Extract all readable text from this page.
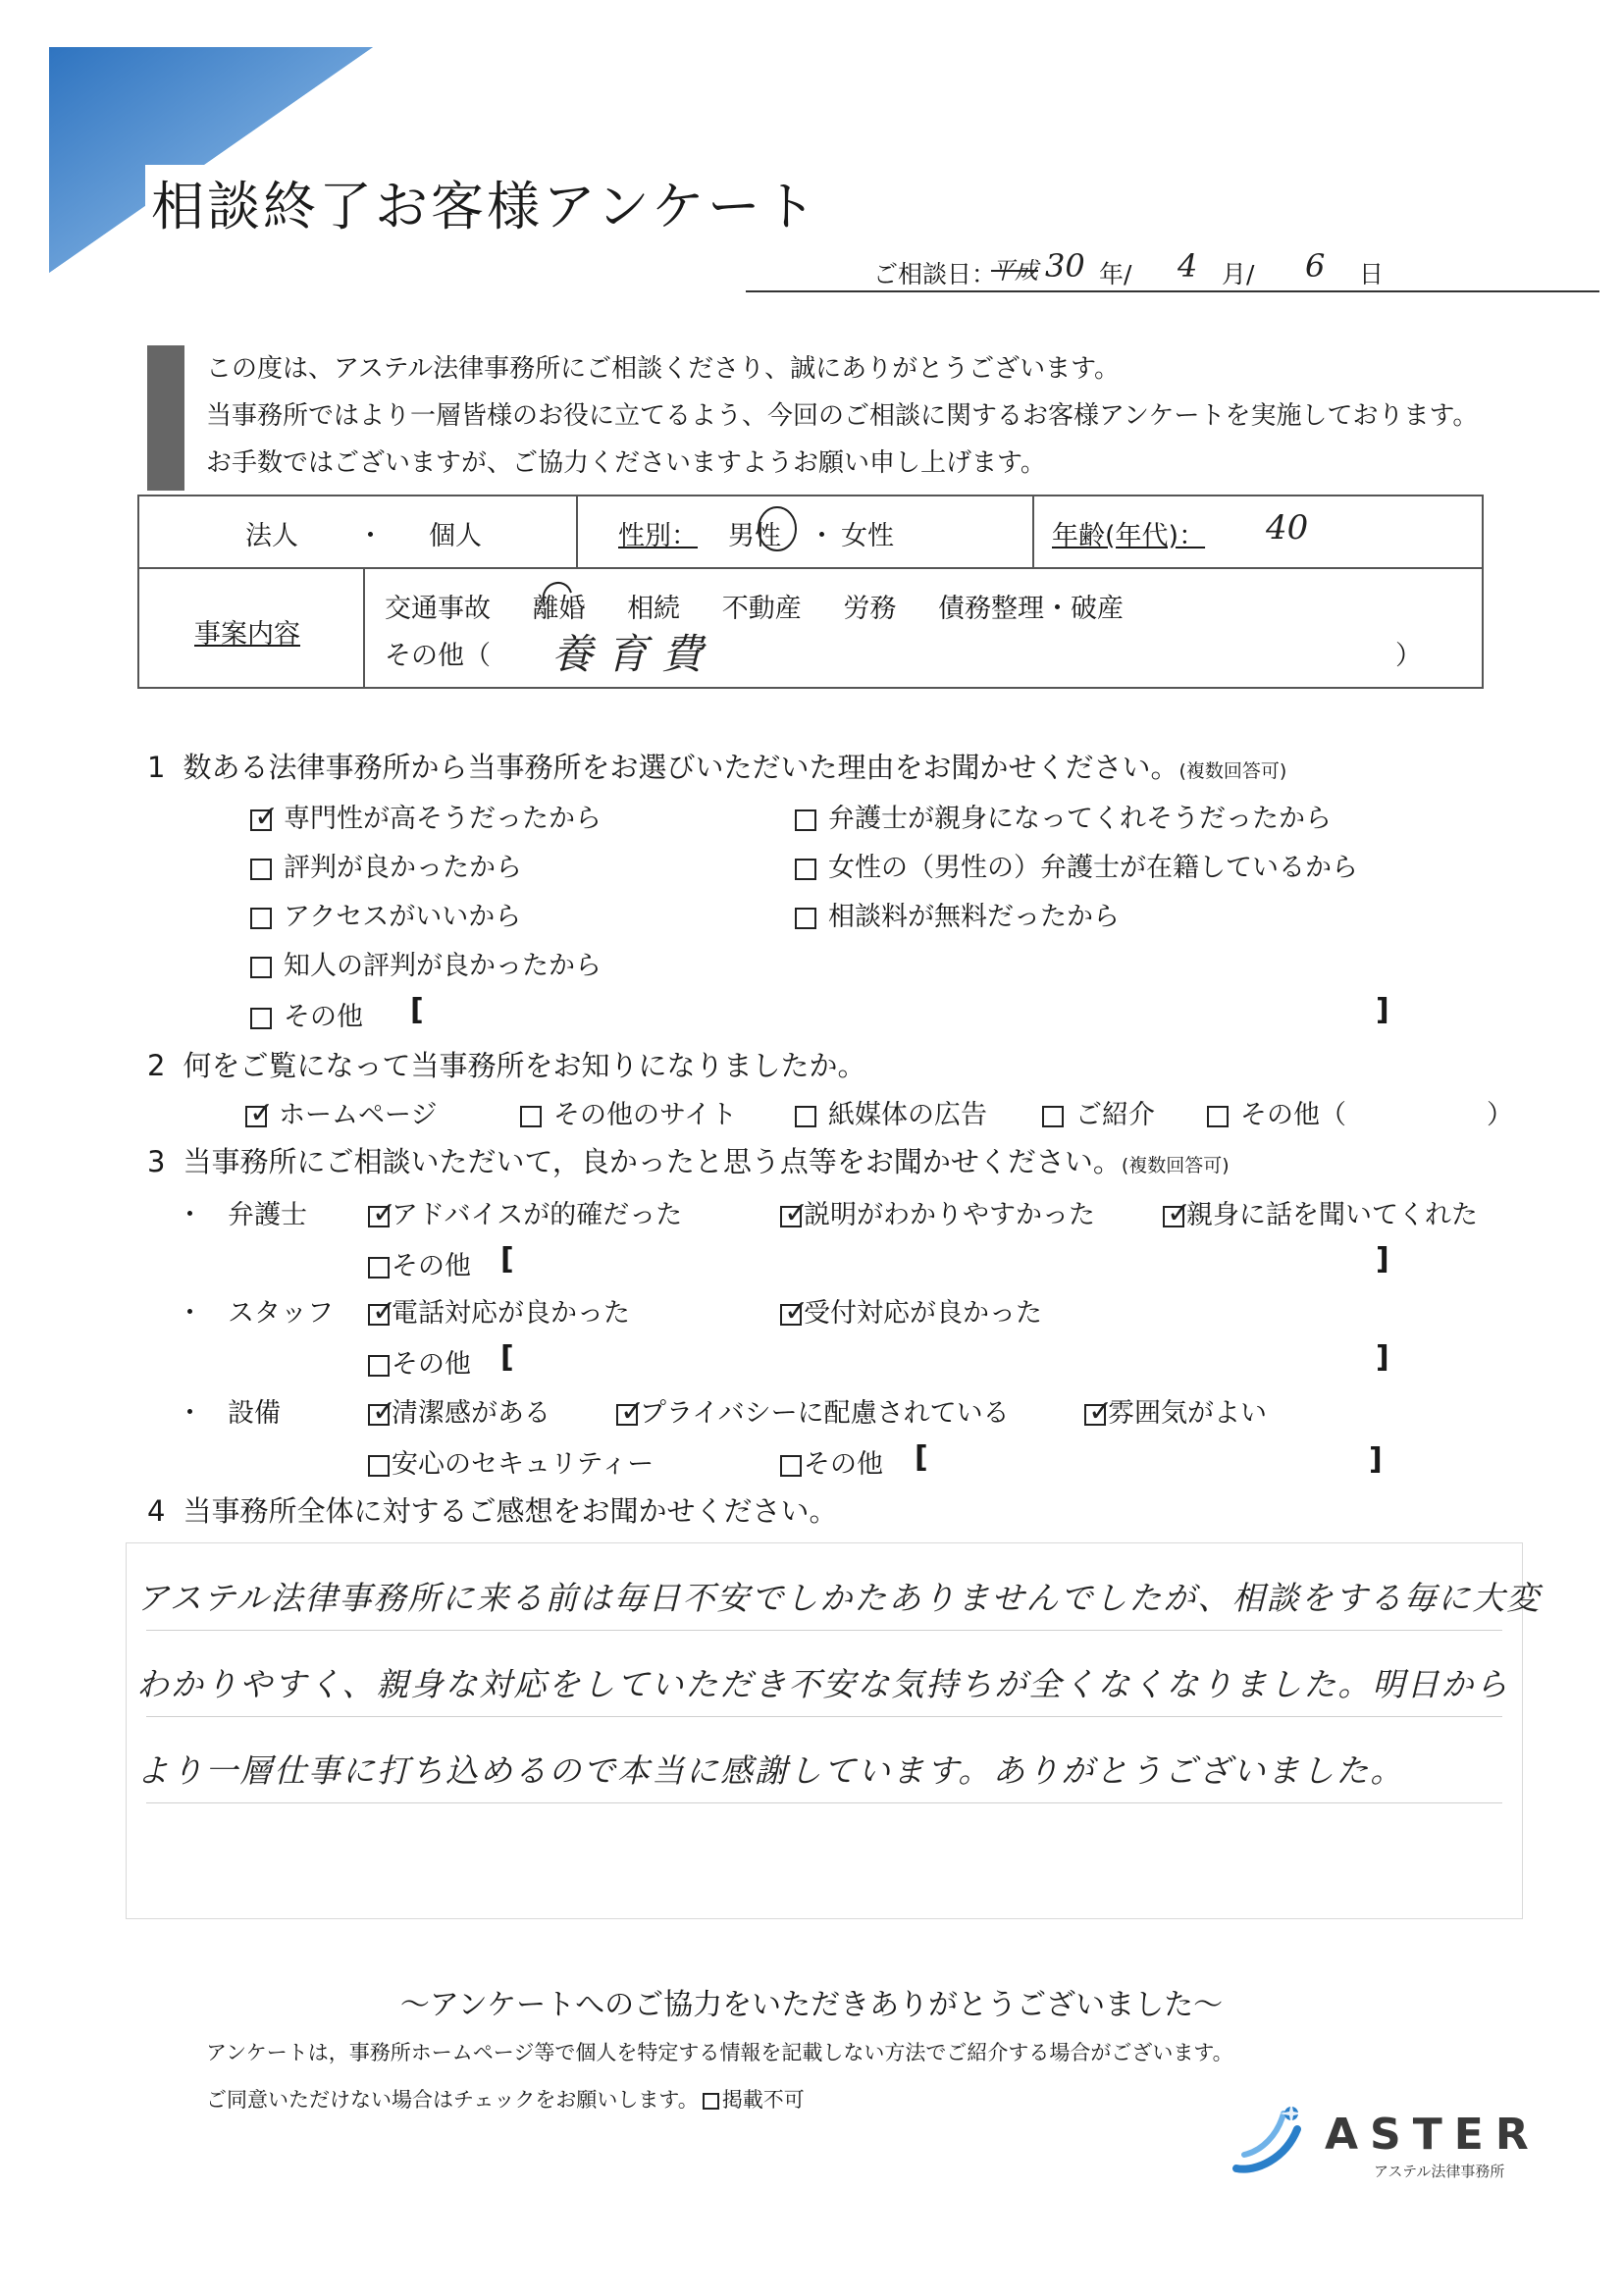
相談終了お客様アンケート
ご相談日：
平成 30 年/ 4 月/ 6 日
この度は、アステル法律事務所にご相談くださり、誠にありがとうございます。
当事務所ではより一層皆様のお役に立てるよう、今回のご相談に関するお客様アンケートを実施しております。
お手数ではございますが、ご協力くださいますようお願い申し上げます。
法人 ・ 個人	性別： 男性 ・ 女性	年齢(年代)： 40
事案内容
交通事故 離婚 相続 不動産 労務 債務整理・破産
その他（ 養育費	）
1 数ある法律事務所から当事務所をお選びいただいた理由をお聞かせください。(複数回答可)
✓専門性が高そうだったから	弁護士が親身になってくれそうだったから
評判が良かったから	女性の（男性の）弁護士が在籍しているから
アクセスがいいから	相談料が無料だったから
知人の評判が良かったから
その他 [	]
2 何をご覧になって当事務所をお知りになりましたか。
✓ホームページ	その他のサイト	紙媒体の広告	ご紹介	その他（	）
3 当事務所にご相談いただいて，良かったと思う点等をお聞かせください。(複数回答可)
・ 弁護士 ✓	アドバイスが的確だった ✓	説明がわかりやすかった ✓	親身に話を聞いてくれた
その他 [	]
・ スタッフ ✓	電話対応が良かった ✓	受付対応が良かった
その他 [	]
・ 設備 ✓	清潔感がある ✓	プライバシーに配慮されている ✓	雰囲気がよい
安心のセキュリティー	その他 [	]
4 当事務所全体に対するご感想をお聞かせください。
アステル法律事務所に来る前は毎日不安でしかたありませんでしたが、相談をする毎に大変
わかりやすく、親身な対応をしていただき不安な気持ちが全くなくなりました。明日から
より一層仕事に打ち込めるので本当に感謝しています。ありがとうございました。
〜アンケートへのご協力をいただきありがとうございました〜
アンケートは，事務所ホームページ等で個人を特定する情報を記載しない方法でご紹介する場合がございます。
ご同意いただけない場合はチェックをお願いします。 掲載不可
ASTER
アステル法律事務所
